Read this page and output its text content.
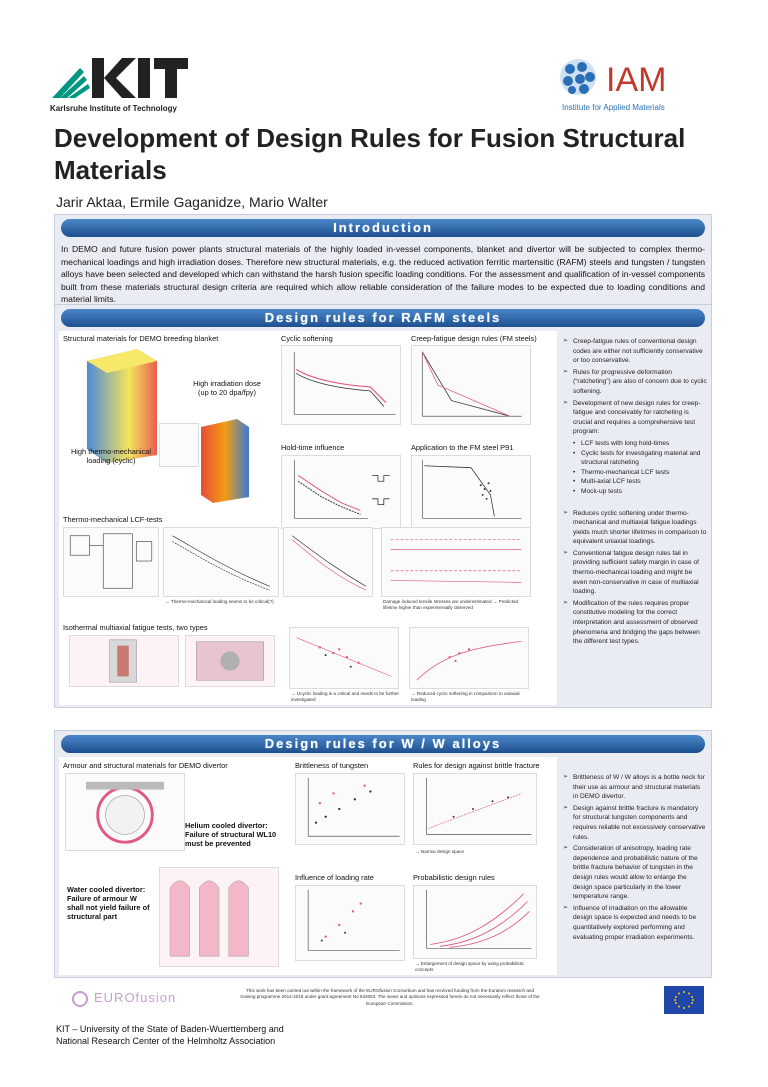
Karlsruhe Institute of Technology
IAM
Institute for Applied Materials
Development of Design Rules for Fusion Structural Materials
Jarir Aktaa, Ermile Gaganidze, Mario Walter
Introduction
In DEMO and future fusion power plants structural materials of the highly loaded in-vessel components, blanket and divertor will be subjected to complex thermo-mechanical loadings and high irradiation doses. Therefore new structural materials, e.g. the reduced activation ferritic martensitic (RAFM) steels and tungsten / tungsten alloys have been selected and developed which can withstand the harsh fusion specific loading conditions. For the assessment and qualification of in-vessel components built from these materials structural design criteria are required which allow reliable consideration of the failure modes to be expected due to loading conditions and material limits.
Design rules for RAFM steels
Structural materials for DEMO breeding blanket
High irradiation dose (up to 20 dpa/fpy)
High thermo-mechanical loading (cyclic)
Cyclic softening
Hold-time influence
Creep-fatigue design rules (FM steels)
Application to the FM steel P91
Thermo-mechanical LCF-tests
→ Thermo-mechanical loading seems to be critical(?)	Damage induced tensile stresses are underestimated → Predicted lifetime higher than experimentally observed
Isothermal multiaxial fatigue tests, two types
→ Ucyclic loading is a critical and needs to be further investigated
→ Reduced cyclic softening in comparison to uniaxial loading
➢ Creep-fatigue rules of conventional design codes are either not sufficiently conservative or too conservative.
➢ Rules for progressive deformation (“ratcheting”) are also of concern due to cyclic softening.
➢ Development of new design rules for creep-fatigue and conceivably for ratcheting is crucial and requires a comprehensive test program:
• LCF tests with long hold-times
• Cyclic tests for investigating material and structural ratcheting
• Thermo-mechanical LCF tests
• Multi-axial LCF tests
• Mock-up tests
➢ Reduces cyclic softening under thermo-mechanical and multiaxial fatigue loadings yields much shorter lifetimes in comparison to equivalent uniaxial loadings.
➢ Conventional fatigue design rules fail in providing sufficient safety margin in case of thermo-mechanical loading and might be even non-conservative in case of multiaxial loading.
➢ Modification of the rules requires proper constitutive modeling for the correct interpretation and assessment of observed phenomena and bridging the gaps between the different test types.
Design rules for W / W alloys
Armour and structural materials for DEMO divertor
Helium cooled divertor: Failure of structural WL10 must be prevented
Water cooled divertor: Failure of armour W shall not yield failure of structural part
Brittleness of tungsten
Influence of loading rate
Rules for design against brittle fracture
→ Narrow design space
Probabilistic design rules
→ Enlargement of design space by using probabilistic concepts
➢ Brittleness of W / W alloys is a bottle neck for their use as armour and structural materials in DEMO divertor.
➢ Design against brittle fracture is mandatory for structural tungsten components and requires reliable not excessively conservative rules.
➢ Consideration of anisotropy, loading rate dependence and probabilistic nature of the brittle fracture behavior of tungsten in the design rules would allow to enlarge the design space particularly in the lower temperature range.
➢ Influence of irradiation on the allowable design space is expected and needs to be quantitatively explored performing and evaluating proper irradiation experiments.
EUROfusion	This work has been carried out within the framework of the EUROfusion Consortium and has received funding from the Euratom research and training programme 2014-2018 under grant agreement No 633053. The views and opinions expressed herein do not necessarily reflect those of the European Commission.
KIT – University of the State of Baden-Wuerttemberg and
National Research Center of the Helmholtz Association
